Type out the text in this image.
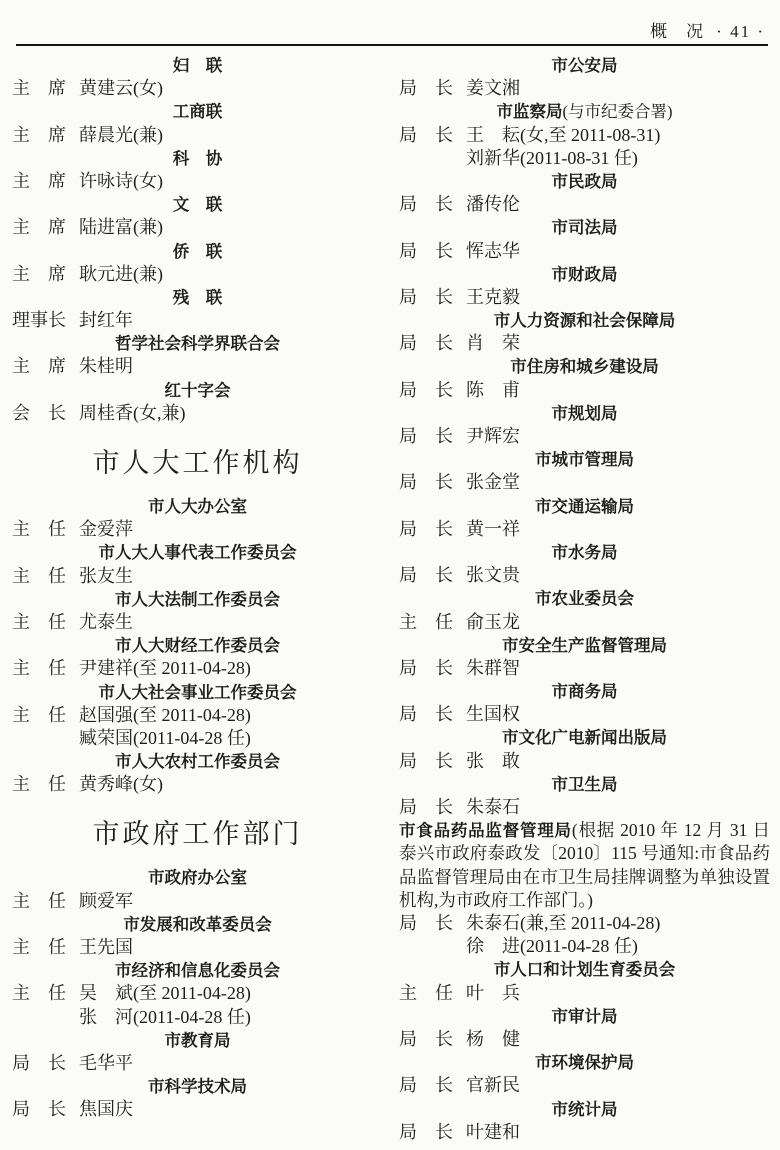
概　况 · 41 ·
妇　联
主　席 黄建云(女)
工商联
主　席 薛晨光(兼)
科　协
主　席 许咏诗(女)
文　联
主　席 陆进富(兼)
侨　联
主　席 耿元进(兼)
残　联
理事长 封红年
哲学社会科学界联合会
主　席 朱桂明
红十字会
会　长 周桂香(女,兼)
市人大工作机构
市人大办公室
主　任 金爱萍
市人大人事代表工作委员会
主　任 张友生
市人大法制工作委员会
主　任 尤泰生
市人大财经工作委员会
主　任 尹建祥(至 2011-04-28)
市人大社会事业工作委员会
主　任 赵国强(至 2011-04-28)
臧荣国(2011-04-28 任)
市人大农村工作委员会
主　任 黄秀峰(女)
市政府工作部门
市政府办公室
主　任 顾爱军
市发展和改革委员会
主　任 王先国
市经济和信息化委员会
主　任 吴　斌(至 2011-04-28)
张　河(2011-04-28 任)
市教育局
局　长 毛华平
市科学技术局
局　长 焦国庆
市公安局
局　长 姜文湘
市监察局(与市纪委合署)
局　长 王　耘(女,至 2011-08-31)
刘新华(2011-08-31 任)
市民政局
局　长 潘传伦
市司法局
局　长 恽志华
市财政局
局　长 王克毅
市人力资源和社会保障局
局　长 肖　荣
市住房和城乡建设局
局　长 陈　甫
市规划局
局　长 尹辉宏
市城市管理局
局　长 张金堂
市交通运输局
局　长 黄一祥
市水务局
局　长 张文贵
市农业委员会
主　任 俞玉龙
市安全生产监督管理局
局　长 朱群智
市商务局
局　长 生国权
市文化广电新闻出版局
局　长 张　敢
市卫生局
局　长 朱泰石
市食品药品监督管理局(根据 2010 年 12 月 31 日泰兴市政府泰政发〔2010〕115 号通知:市食品药品监督管理局由在市卫生局挂牌调整为单独设置机构,为市政府工作部门。)
局　长 朱泰石(兼,至 2011-04-28)
徐　进(2011-04-28 任)
市人口和计划生育委员会
主　任 叶　兵
市审计局
局　长 杨　健
市环境保护局
局　长 官新民
市统计局
局　长 叶建和
